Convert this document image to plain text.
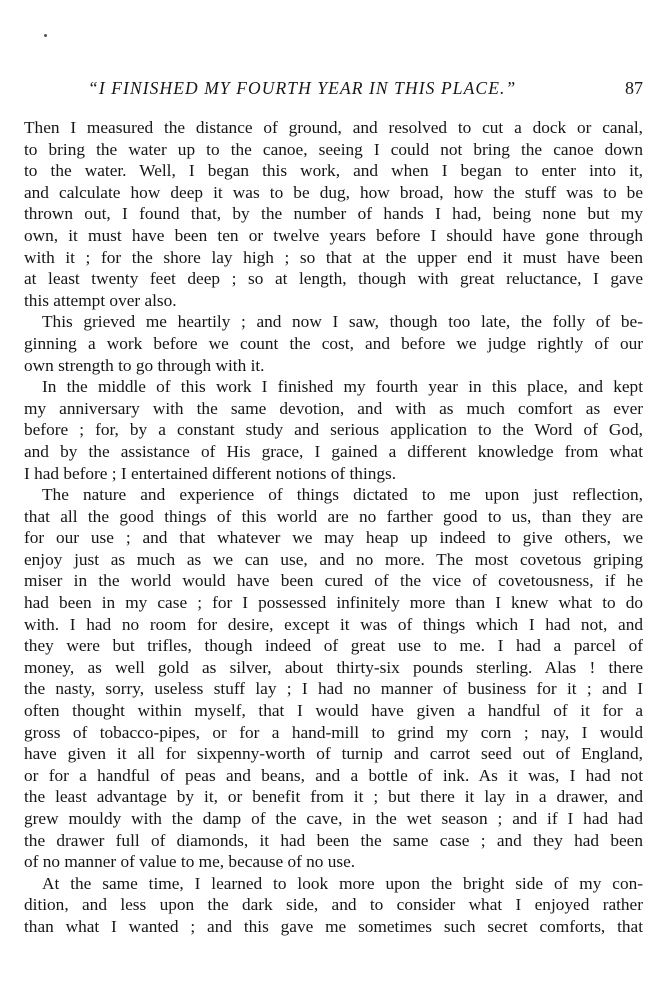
“I FINISHED MY FOURTH YEAR IN THIS PLACE.”	87
Then I measured the distance of ground, and resolved to cut a dock or canal,
to bring the water up to the canoe, seeing I could not bring the canoe down
to the water. Well, I began this work, and when I began to enter into it,
and calculate how deep it was to be dug, how broad, how the stuff was to be
thrown out, I found that, by the number of hands I had, being none but my
own, it must have been ten or twelve years before I should have gone through
with it ; for the shore lay high ; so that at the upper end it must have been
at least twenty feet deep ; so at length, though with great reluctance, I gave
this attempt over also.
This grieved me heartily ; and now I saw, though too late, the folly of be-
ginning a work before we count the cost, and before we judge rightly of our
own strength to go through with it.
In the middle of this work I finished my fourth year in this place, and kept
my anniversary with the same devotion, and with as much comfort as ever
before ; for, by a constant study and serious application to the Word of God,
and by the assistance of His grace, I gained a different knowledge from what
I had before ; I entertained different notions of things.
The nature and experience of things dictated to me upon just reflection,
that all the good things of this world are no farther good to us, than they are
for our use ; and that whatever we may heap up indeed to give others, we
enjoy just as much as we can use, and no more. The most covetous griping
miser in the world would have been cured of the vice of covetousness, if he
had been in my case ; for I possessed infinitely more than I knew what to do
with. I had no room for desire, except it was of things which I had not, and
they were but trifles, though indeed of great use to me. I had a parcel of
money, as well gold as silver, about thirty-six pounds sterling. Alas ! there
the nasty, sorry, useless stuff lay ; I had no manner of business for it ; and I
often thought within myself, that I would have given a handful of it for a
gross of tobacco-pipes, or for a hand-mill to grind my corn ; nay, I would
have given it all for sixpenny-worth of turnip and carrot seed out of England,
or for a handful of peas and beans, and a bottle of ink. As it was, I had not
the least advantage by it, or benefit from it ; but there it lay in a drawer, and
grew mouldy with the damp of the cave, in the wet season ; and if I had had
the drawer full of diamonds, it had been the same case ; and they had been
of no manner of value to me, because of no use.
At the same time, I learned to look more upon the bright side of my con-
dition, and less upon the dark side, and to consider what I enjoyed rather
than what I wanted ; and this gave me sometimes such secret comforts, that
